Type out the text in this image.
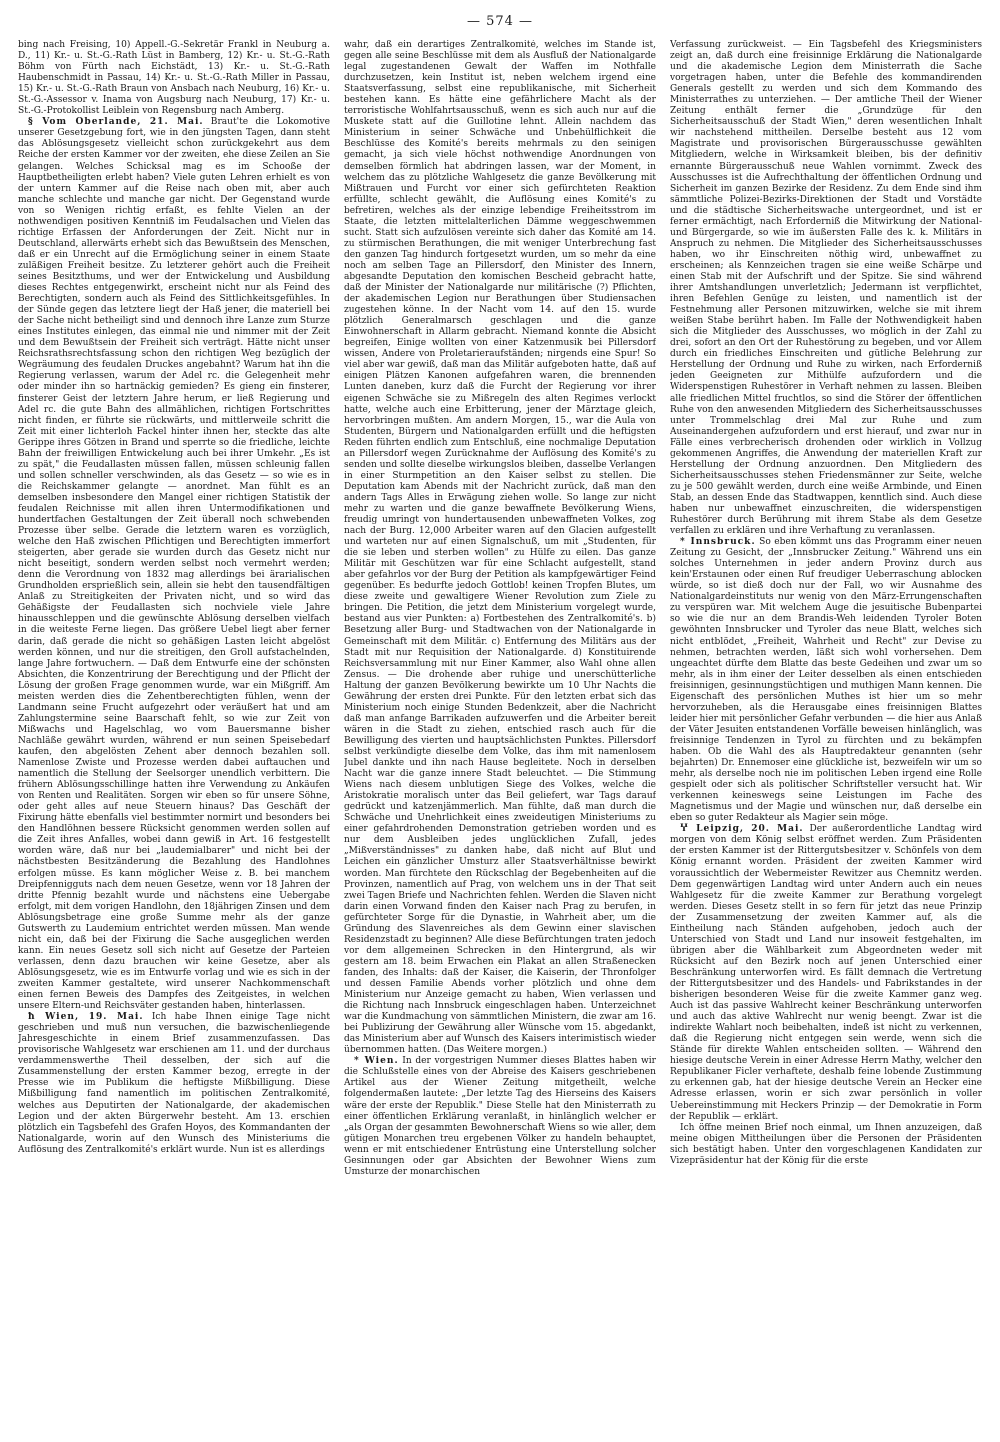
— 574 —

bing nach Freising, 10) Appell.-G.-Sekretär Frankl in Neuburg a. D., 11) Kr.- u. St.-G.-Rath Lüst in Bamberg, 12) Kr.- u. St.-G.-Rath Böhm von Fürth nach Eichstädt, 13) Kr.- u. St.-G.-Rath Haubenschmidt in Passau, 14) Kr.- u. St.-G.-Rath Miller in Passau, 15) Kr.- u. St.-G.-Rath Braun von Ansbach nach Neuburg, 16) Kr.- u. St.-G.-Assessor v. Inama von Augsburg nach Neuburg, 17) Kr.- u. St.-G.-Protokollist Leiblein von Regensburg nach Amberg.

§ Vom Oberlande, 21. Mai. Braut'te die Lokomotive unserer Gesetzgebung fort, wie in den jüngsten Tagen, dann steht das Ablösungsgesetz vielleicht schon zurückgekehrt aus dem Reiche der ersten Kammer vor der zweiten, ehe diese Zeilen an Sie gelangen. Welches Schicksal mag es im Schooße der Hauptbetheiligten erlebt haben? Viele guten Lehren erhielt es von der untern Kammer auf die Reise nach oben mit, aber auch manche schlechte und manche gar nicht. Der Gegenstand wurde von so Wenigen richtig erfaßt, es fehlte Vielen an der nothwendigen positiven Kenntniß im Feudalsachen und Vielen das richtige Erfassen der Anforderungen der Zeit. Nicht nur in Deutschland, allerwärts erhebt sich das Bewußtsein des Menschen, daß er ein Unrecht auf die Ermöglichung seiner in einem Staate zuläßigen Freiheit besitze. Zu letzterer gehört auch die Freiheit seines Besitzthums, und wer der Entwickelung und Ausbildung dieses Rechtes entgegenwirkt, erscheint nicht nur als Feind des Berechtigten, sondern auch als Feind des Sittlichkeitsgefühles. In der Sünde gegen das letztere liegt der Haß jener, die materiell bei der Sache nicht betheiligt sind und dennoch ihre Lanze zum Sturze eines Institutes einlegen, das einmal nie und nimmer mit der Zeit und dem Bewußtsein der Freiheit sich verträgt. Hätte nicht unser Reichsrathsrechtsfassung schon den richtigen Weg bezüglich der Wegräumung des feudalen Druckes angebahnt? Warum hat ihn die Regierung verlassen, warum der Adel rc. die Gelegenheit mehr oder minder ihn so hartnäckig gemieden? Es gieng ein finsterer, finsterer Geist der letztern Jahre herum, er ließ Regierung und Adel rc. die gute Bahn des allmählichen, richtigen Fortschrittes nicht finden, er führte sie rückwärts, und mittlerweile schritt die Zeit mit einer lichterloh Fackel hinter ihnen her, steckte das alte Gerippe ihres Götzen in Brand und sperrte so die friedliche, leichte Bahn der freiwilligen Entwickelung auch bei ihrer Umkehr. „Es ist zu spät," die Feudallasten müssen fallen, müssen schleunig fallen und sollen schneller verschwinden, als das Gesetz — so wie es in die Reichskammer gelangte — anordnet. Man fühlt es an demselben insbesondere den Mangel einer richtigen Statistik der feudalen Reichnisse mit allen ihren Untermodifikationen und hundertfachen Gestaltungen der Zeit überall noch schwebenden Prozesse über selbe. Gerade die letztern waren es vorzüglich, welche den Haß zwischen Pflichtigen und Berechtigten immerfort steigerten, aber gerade sie wurden durch das Gesetz nicht nur nicht beseitigt, sondern werden selbst noch vermehrt werden; denn die Verordnung von 1832 mag allerdings bei ärarialischen Grundholden ersprießlich sein, allein sie hebt den tausendfältigen Anlaß zu Streitigkeiten der Privaten nicht, und so wird das Gehäßigste der Feudallasten sich nochviele viele Jahre hinausschleppen und die gewünschte Ablösung derselben vielfach in die weiteste Ferne liegen. Das größere Uebel liegt aber ferner darin, daß gerade die nicht so gehäßigen Lasten leicht abgelöst werden können, und nur die streitigen, den Groll aufstachelnden, lange Jahre fortwuchern. — Daß dem Entwurfe eine der schönsten Absichten, die Konzentrirung der Berechtigung und der Pflicht der Lösung der großen Frage genommen wurde, war ein Mißgriff. Am meisten werden dies die Zehentberechtigten fühlen, wenn der Landmann seine Frucht aufgezehrt oder veräußert hat und am Zahlungstermine seine Baarschaft fehlt, so wie zur Zeit von Mißwachs und Hagelschlag, wo vom Bauersmanne bisher Nachläße gewährt wurden, während er nun seinen Speisebedarf kaufen, den abgelösten Zehent aber dennoch bezahlen soll. Namenlose Zwiste und Prozesse werden dabei auftauchen und namentlich die Stellung der Seelsorger unendlich verbittern. Die frühern Ablösungsschillinge hatten ihre Verwendung zu Ankäufen von Renten und Realitäten. Sorgen wir eben so für unsere Söhne, oder geht alles auf neue Steuern hinaus? Das Geschäft der Fixirung hätte ebenfalls viel bestimmter normirt und besonders bei den Handlöhnen bessere Rücksicht genommen werden sollen auf die Zeit ihres Anfalles, wobei dann gewiß in Art. 16 festgestellt worden wäre, daß nur bei „laudemialbarer" und nicht bei der nächstbesten Besitzänderung die Bezahlung des Handlohnes erfolgen müsse. Es kann möglicher Weise z. B. bei manchem Dreipfennigguts nach dem neuen Gesetze, wenn vor 18 Jahren der dritte Pfennig bezahlt wurde und nächstens eine Uebergabe erfolgt, mit dem vorigen Handlohn, den 18jährigen Zinsen und dem Ablösungsbetrage eine große Summe mehr als der ganze Gutswerth zu Laudemium entrichtet werden müssen. Man wende nicht ein, daß bei der Fixirung die Sache ausgeglichen werden kann. Ein neues Gesetz soll sich nicht auf Gesetze der Parteien verlassen, denn dazu brauchen wir keine Gesetze, aber als Ablösungsgesetz, wie es im Entwurfe vorlag und wie es sich in der zweiten Kammer gestaltete, wird unserer Nachkommenschaft einen fernen Beweis des Dampfes des Zeitgeistes, in welchen unsere Eltern-und Reichsväter gestanden haben, hinterlassen.

ħ Wien, 19. Mai. Ich habe Ihnen einige Tage nicht geschrieben und muß nun versuchen, die bazwischenliegende Jahresgeschichte in einem Brief zusammenzufassen. Das provisorische Wahlgesetz war erschienen am 11. und der durchaus verdammenswerthe Theil desselben, der sich auf die Zusammenstellung der ersten Kammer bezog, erregte in der Presse wie im Publikum die heftigste Mißbilligung. Diese Mißbilligung fand namentlich im politischen Zentralkomité, welches aus Deputirten der Nationalgarde, der akademischen Legion und der akten Bürgerwehr besteht. Am 13. erschien plötzlich ein Tagsbefehl des Grafen Hoyos, des Kommandanten der Nationalgarde, worin auf den Wunsch des Ministeriums die Auflösung des Zentralkomité's erklärt wurde. Nun ist es allerdings

wahr, daß ein derartiges Zentralkomité, welches im Stande ist, gegen alle seine Beschlüsse mit dem als Ausfluß der Nationalgarde legal zugestandenen Gewalt der Waffen im Nothfalle durchzusetzen, kein Institut ist, neben welchem irgend eine Staatsverfassung, selbst eine republikanische, mit Sicherheit bestehen kann. Es hätte eine gefährlichere Macht als der terroristische Wohlfahrtsausschuß, wenn es sich auch nur auf die Muskete statt auf die Guillotine lehnt. Allein nachdem das Ministerium in seiner Schwäche und Unbehülflichkeit die Beschlüsse des Komité's bereits mehrmals zu den seinigen gemacht, ja sich viele höchst nothwendige Anordnungen von demselben förmlich hat abdringen lassen, war der Moment, in welchem das zu plötzliche Wahlgesetz die ganze Bevölkerung mit Mißtrauen und Furcht vor einer sich gefürchteten Reaktion erfüllte, schlecht gewählt, die Auflösung eines Komité's zu befretiren, welches als der einzige lebendige Freiheitsstrom im Staate, die letzten mittelalterlichen Dämme weggeschwemmen sucht. Statt sich aufzulösen vereinte sich daher das Komité am 14. zu stürmischen Berathungen, die mit weniger Unterbrechung fast den ganzen Tag hindurch fortgesetzt wurden, um so mehr da eine noch am selben Tage an Pillersdorf, den Minister des Innern, abgesandte Deputation den komischen Bescheid gebracht hatte, daß der Minister der Nationalgarde nur militärische (?) Pflichten, der akademischen Legion nur Berathungen über Studiensachen zugestehen könne. In der Nacht vom 14. auf den 15. wurde plötzlich Generalmarsch geschlagen und die ganze Einwohnerschaft in Allarm gebracht. Niemand konnte die Absicht begreifen, Einige wollten von einer Katzenmusik bei Pillersdorf wissen, Andere von Proletarieraufständen; nirgends eine Spur! So viel aber war gewiß, daß man das Militär aufgeboten hatte, daß auf einigen Plätzen Kanonen aufgefahren waren, die brennenden Lunten daneben, kurz daß die Furcht der Regierung vor ihrer eigenen Schwäche sie zu Mißregeln des alten Regimes verlockt hatte, welche auch eine Erbitterung, jener der Märztage gleich, hervorbringen mußten. Am andern Morgen, 15., war die Aula von Studenten, Bürgern und Nationalgarden erfüllt und die heftigsten Reden führten endlich zum Entschluß, eine nochmalige Deputation an Pillersdorf wegen Zurücknahme der Auflösung des Komité's zu senden und sollte dieselbe wirkungslos bleiben, dasselbe Verlangen in einer Sturmpetition an den Kaiser selbst zu stellen. Die Deputation kam Abends mit der Nachricht zurück, daß man den andern Tags Alles in Erwägung ziehen wolle. So lange zur nicht mehr zu warten und die ganze bewaffnete Bevölkerung Wiens, freudig umringt von hundertausenden unbewaffneten Volkes, zog nach der Burg. 12,000 Arbeiter waren auf den Glacien aufgestellt und warteten nur auf einen Signalschuß, um mit „Studenten, für die sie leben und sterben wollen" zu Hülfe zu eilen. Das ganze Militär mit Geschützen war für eine Schlacht aufgestellt, stand aber gefahrlos vor der Burg der Petition als kampfgewärtiger Feind gegenüber. Es bedurfte jedoch Gottlob! keinen Tropfen Blutes, um diese zweite und gewaltigere Wiener Revolution zum Ziele zu bringen. Die Petition, die jetzt dem Ministerium vorgelegt wurde, bestand aus vier Punkten: a) Fortbestehen des Zentralkomité's. b) Besetzung aller Burg- und Stadtwachen von der Nationalgarde in Gemeinschaft mit dem Militär. c) Entfernung des Militärs aus der Stadt mit nur Requisition der Nationalgarde. d) Konstituirende Reichsversammlung mit nur Einer Kammer, also Wahl ohne allen Zensus. — Die drohende aber ruhige und unerschütterliche Haltung der ganzen Bevölkerung bewirkte um 10 Uhr Nachts die Gewährung der ersten drei Punkte. Für den letzten erbat sich das Ministerium noch einige Stunden Bedenkzeit, aber die Nachricht daß man anfange Barrikaden aufzuwerfen und die Arbeiter bereit wären in die Stadt zu ziehen, entschied rasch auch für die Bewilligung des vierten und hauptsächlichsten Punktes. Pillersdorf selbst verkündigte dieselbe dem Volke, das ihm mit namenlosem Jubel dankte und ihn nach Hause begleitete. Noch in derselben Nacht war die ganze innere Stadt beleuchtet. — Die Stimmung Wiens nach diesem unblutigen Siege des Volkes, welche die Aristokratie moralisch unter das Beil geliefert, war Tags darauf gedrückt und katzenjämmerlich. Man fühlte, daß man durch die Schwäche und Unehrlichkeit eines zweideutigen Ministeriums zu einer gefahrdrohenden Demonstration getrieben worden und es nur dem Ausbleiben jedes unglücklichen Zufall, jedes „Mißverständnisses" zu danken habe, daß nicht auf Blut und Leichen ein gänzlicher Umsturz aller Staatsverhältnisse bewirkt worden. Man fürchtete den Rückschlag der Begebenheiten auf die Provinzen, namentlich auf Prag, von welchem uns in der That seit zwei Tagen Briefe und Nachrichten fehlen. Werden die Slaven nicht darin einen Vorwand finden den Kaiser nach Prag zu berufen, in gefürchteter Sorge für die Dynastie, in Wahrheit aber, um die Gründung des Slavenreiches als dem Gewinn einer slavischen Residenzstadt zu beginnen? Alle diese Befürchtungen traten jedoch vor dem allgemeinen Schrecken in den Hintergrund, als wir gestern am 18. beim Erwachen ein Plakat an allen Straßenecken fanden, des Inhalts: daß der Kaiser, die Kaiserin, der Thronfolger und dessen Familie Abends vorher plötzlich und ohne dem Ministerium nur Anzeige gemacht zu haben, Wien verlassen und die Richtung nach Innsbruck eingeschlagen haben. Unterzeichnet war die Kundmachung von sämmtlichen Ministern, die zwar am 16. bei Publizirung der Gewährung aller Wünsche vom 15. abgedankt, das Ministerium aber auf Wunsch des Kaisers interimistisch wieder übernommen hatten. (Das Weitere morgen.)

* Wien. In der vorgestrigen Nummer dieses Blattes haben wir die Schlußstelle eines von der Abreise des Kaisers geschriebenen Artikel aus der Wiener Zeitung mitgetheilt, welche folgendermaßen lautete: „Der letzte Tag des Hierseins des Kaisers wäre der erste der Republik." Diese Stelle hat den Ministerrath zu einer öffentlichen Erklärung veranlaßt, in hinlänglich welcher er „als Organ der gesammten Bewohnerschaft Wiens so wie aller, dem gütigen Monarchen treu ergebenen Völker zu handeln behauptet, wenn er mit entschiedener Entrüstung eine Unterstellung solcher Gesinnungen oder gar Absichten der Bewohner Wiens zum Umsturze der monarchischen

Verfassung zurückweist. — Ein Tagsbefehl des Kriegsministers zeigt an, daß durch eine freisinnige Erklärung die Nationalgarde und die akademische Legion dem Ministerrath die Sache vorgetragen haben, unter die Befehle des kommandirenden Generals gestellt zu werden und sich dem Kommando des Ministerrathes zu unterziehen. — Der amtliche Theil der Wiener Zeitung enthält ferner die „Grundzüge für den Sicherheitsausschuß der Stadt Wien," deren wesentlichen Inhalt wir nachstehend mittheilen. Derselbe besteht aus 12 vom Magistrate und provisorischen Bürgerausschusse gewählten Mitgliedern, welche in Wirksamkeit bleiben, bis der definitiv ernannte Bürgerausschuß neue Wahlen vornimmt. Zweck des Ausschusses ist die Aufrechthaltung der öffentlichen Ordnung und Sicherheit im ganzen Bezirke der Residenz. Zu dem Ende sind ihm sämmtliche Polizei-Bezirks-Direktionen der Stadt und Vorstädte und die städtische Sicherheitswache untergeordnet, und ist er ferner ermächtigt, nach Erforderniß die Mitwirkung der National- und Bürgergarde, so wie im äußersten Falle des k. k. Militärs in Anspruch zu nehmen. Die Mitglieder des Sicherheitsausschusses haben, wo ihr Einschreiten nöthig wird, unbewaffnet zu erscheinen; als Kennzeichen tragen sie eine weiße Schärpe und einen Stab mit der Aufschrift und der Spitze. Sie sind während ihrer Amtshandlungen unverletzlich; Jedermann ist verpflichtet, ihren Befehlen Genüge zu leisten, und namentlich ist der Festnehmung aller Personen mitzuwirken, welche sie mit ihrem weißen Stabe berührt haben. Im Falle der Nothwendigkeit haben sich die Mitglieder des Ausschusses, wo möglich in der Zahl zu drei, sofort an den Ort der Ruhestörung zu begeben, und vor Allem durch ein friedliches Einschreiten und gütliche Belehrung zur Herstellung der Ordnung und Ruhe zu wirken, nach Erforderniß jeden Geeigneten zur Mithülfe aufzufordern und die Widerspenstigen Ruhestörer in Verhaft nehmen zu lassen. Bleiben alle friedlichen Mittel fruchtlos, so sind die Störer der öffentlichen Ruhe von den anwesenden Mitgliedern des Sicherheitsausschusses unter Trommelschlag drei Mal zur Ruhe und zum Auseinandergehen aufzufordern und erst hierauf, und zwar nur in Fälle eines verbrecherisch drohenden oder wirklich in Vollzug gekommenen Angriffes, die Anwendung der materiellen Kraft zur Herstellung der Ordnung anzuordnen. Den Mitgliedern des Sicherheitsausschusses stehen Friedensmänner zur Seite, welche zu je 500 gewählt werden, durch eine weiße Armbinde, und Einen Stab, an dessen Ende das Stadtwappen, kenntlich sind. Auch diese haben nur unbewaffnet einzuschreiten, die widerspenstigen Ruhestörer durch Berührung mit ihrem Stabe als dem Gesetze verfallen zu erklären und ihre Verhaftung zu veranlassen.

* Innsbruck. So eben kömmt uns das Programm einer neuen Zeitung zu Gesicht, der „Innsbrucker Zeitung." Während uns ein solches Unternehmen in jeder andern Provinz durch aus kein'Erstaunen oder einen Ruf freudiger Ueberraschung ablocken würde, so ist dieß doch nur der Fall, wo wir Ausnahme des Nationalgardeinstituts nur wenig von den März-Errungenschaften zu verspüren war. Mit welchem Auge die jesuitische Bubenpartei so wie die nur an dem Brandis-Weh leidenden Tyroler Boten gewöhnten Innsbrucker und Tyroler das neue Blatt, welches sich nicht entblödet, „Freiheit, Wahrheit und Recht" zur Devise zu nehmen, betrachten werden, läßt sich wohl vorhersehen. Dem ungeachtet dürfte dem Blatte das beste Gedeihen und zwar um so mehr, als in ihm einer der Leiter desselben als einen entschieden freisinnigen, gesinnungstüchtigen und muthigen Mann kennen. Die Eigenschaft des persönlichen Muthes ist hier um so mehr hervorzuheben, als die Herausgabe eines freisinnigen Blattes leider hier mit persönlicher Gefahr verbunden — die hier aus Anlaß der Väter Jesuiten entstandenen Vorfälle beweisen hinlänglich, was freisinnige Tendenzen in Tyrol zu fürchten und zu bekämpfen haben. Ob die Wahl des als Hauptredakteur genannten (sehr bejahrten) Dr. Ennemoser eine glückliche ist, bezweifeln wir um so mehr, als derselbe noch nie im politischen Leben irgend eine Rolle gespielt oder sich als politischer Schriftsteller versucht hat. Wir verkennen keineswegs seine Leistungen im Fache des Magnetismus und der Magie und wünschen nur, daß derselbe ein eben so guter Redakteur als Magier sein möge.

Ⴤ Leipzig, 20. Mai. Der außerordentliche Landtag wird morgen von dem König selbst eröffnet werden. Zum Präsidenten der ersten Kammer ist der Rittergutsbesitzer v. Schönfels von dem König ernannt worden. Präsident der zweiten Kammer wird voraussichtlich der Webermeister Rewitzer aus Chemnitz werden. Dem gegenwärtigen Landtag wird unter Andern auch ein neues Wahlgesetz für die zweite Kammer zur Berathung vorgelegt werden. Dieses Gesetz stellt in so fern für jetzt das neue Prinzip der Zusammensetzung der zweiten Kammer auf, als die Eintheilung nach Ständen aufgehoben, jedoch auch der Unterschied von Stadt und Land nur insoweit festgehalten, im übrigen aber die Wählbarkeit zum Abgeordneten weder mit Rücksicht auf den Bezirk noch auf jenen Unterschied einer Beschränkung unterworfen wird. Es fällt demnach die Vertretung der Rittergutsbesitzer und des Handels- und Fabrikstandes in der bisherigen besonderen Weise für die zweite Kammer ganz weg. Auch ist das passive Wahlrecht keiner Beschränkung unterworfen und auch das aktive Wahlrecht nur wenig beengt. Zwar ist die indirekte Wahlart noch beibehalten, indeß ist nicht zu verkennen, daß die Regierung nicht entgegen sein werde, wenn sich die Stände für direkte Wahlen entscheiden sollten. — Während den hiesige deutsche Verein in einer Adresse Herrn Mathy, welcher den Republikaner Ficler verhaftete, deshalb feine lobende Zustimmung zu erkennen gab, hat der hiesige deutsche Verein an Hecker eine Adresse erlassen, worin er sich zwar persönlich in voller Uebereinstimmung mit Heckers Prinzip — der Demokratie in Form der Republik — erklärt.

Ich öffne meinen Brief noch einmal, um Ihnen anzuzeigen, daß meine obigen Mittheilungen über die Personen der Präsidenten sich bestätigt haben. Unter den vorgeschlagenen Kandidaten zur Vizepräsidentur hat der König für die erste
